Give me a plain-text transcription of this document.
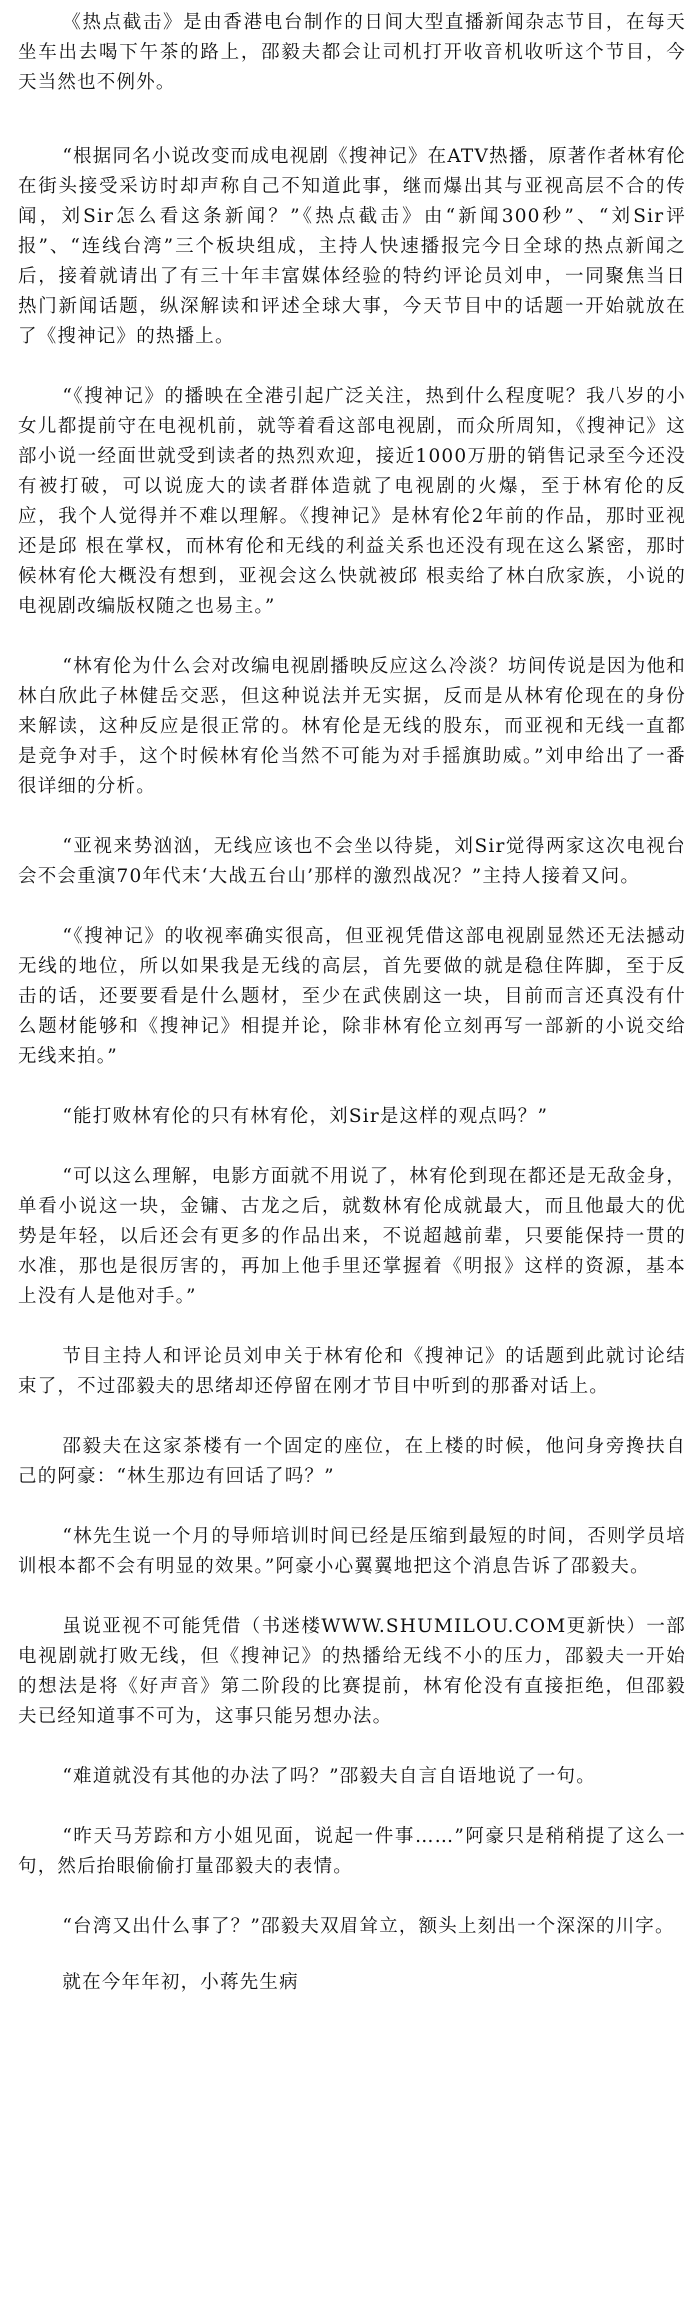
《热点截击》是由香港电台制作的日间大型直播新闻杂志节目，在每天坐车出去喝下午茶的路上，邵毅夫都会让司机打开收音机收听这个节目，今天当然也不例外。

“根据同名小说改变而成电视剧《搜神记》在ATV热播，原著作者林宥伦在街头接受采访时却声称自己不知道此事，继而爆出其与亚视高层不合的传闻，刘Sir怎么看这条新闻？”《热点截击》由“新闻300秒”、“刘Sir评报”、“连线台湾”三个板块组成，主持人快速播报完今日全球的热点新闻之后，接着就请出了有三十年丰富媒体经验的特约评论员刘申，一同聚焦当日热门新闻话题，纵深解读和评述全球大事，今天节目中的话题一开始就放在了《搜神记》的热播上。

“《搜神记》的播映在全港引起广泛关注，热到什么程度呢？我八岁的小女儿都提前守在电视机前，就等着看这部电视剧，而众所周知，《搜神记》这部小说一经面世就受到读者的热烈欢迎，接近1000万册的销售记录至今还没有被打破，可以说庞大的读者群体造就了电视剧的火爆，至于林宥伦的反应，我个人觉得并不难以理解。《搜神记》是林宥伦2年前的作品，那时亚视还是邱 根在掌权，而林宥伦和无线的利益关系也还没有现在这么紧密，那时候林宥伦大概没有想到，亚视会这么快就被邱 根卖给了林白欣家族，小说的电视剧改编版权随之也易主。”

“林宥伦为什么会对改编电视剧播映反应这么冷淡？坊间传说是因为他和林白欣此子林健岳交恶，但这种说法并无实据，反而是从林宥伦现在的身份来解读，这种反应是很正常的。林宥伦是无线的股东，而亚视和无线一直都是竞争对手，这个时候林宥伦当然不可能为对手摇旗助威。”刘申给出了一番很详细的分析。

“亚视来势汹汹，无线应该也不会坐以待毙，刘Sir觉得两家这次电视台会不会重演70年代末‘大战五台山’那样的激烈战况？”主持人接着又问。

“《搜神记》的收视率确实很高，但亚视凭借这部电视剧显然还无法撼动无线的地位，所以如果我是无线的高层，首先要做的就是稳住阵脚，至于反击的话，还要要看是什么题材，至少在武侠剧这一块，目前而言还真没有什么题材能够和《搜神记》相提并论，除非林宥伦立刻再写一部新的小说交给无线来拍。”

“能打败林宥伦的只有林宥伦，刘Sir是这样的观点吗？”

“可以这么理解，电影方面就不用说了，林宥伦到现在都还是无敌金身，单看小说这一块，金镛、古龙之后，就数林宥伦成就最大，而且他最大的优势是年轻，以后还会有更多的作品出来，不说超越前辈，只要能保持一贯的水准，那也是很厉害的，再加上他手里还掌握着《明报》这样的资源，基本上没有人是他对手。”

节目主持人和评论员刘申关于林宥伦和《搜神记》的话题到此就讨论结束了，不过邵毅夫的思绪却还停留在刚才节目中听到的那番对话上。

邵毅夫在这家茶楼有一个固定的座位，在上楼的时候，他问身旁搀扶自己的阿豪：“林生那边有回话了吗？”

“林先生说一个月的导师培训时间已经是压缩到最短的时间，否则学员培训根本都不会有明显的效果。”阿豪小心翼翼地把这个消息告诉了邵毅夫。

虽说亚视不可能凭借（书迷楼WWW.SHUMILOU.COM更新快）一部电视剧就打败无线，但《搜神记》的热播给无线不小的压力，邵毅夫一开始的想法是将《好声音》第二阶段的比赛提前，林宥伦没有直接拒绝，但邵毅夫已经知道事不可为，这事只能另想办法。

“难道就没有其他的办法了吗？”邵毅夫自言自语地说了一句。

“昨天马芳踪和方小姐见面，说起一件事……”阿豪只是稍稍提了这么一句，然后抬眼偷偷打量邵毅夫的表情。

“台湾又出什么事了？”邵毅夫双眉耸立，额头上刻出一个深深的川字。

就在今年年初，小蒋先生病
